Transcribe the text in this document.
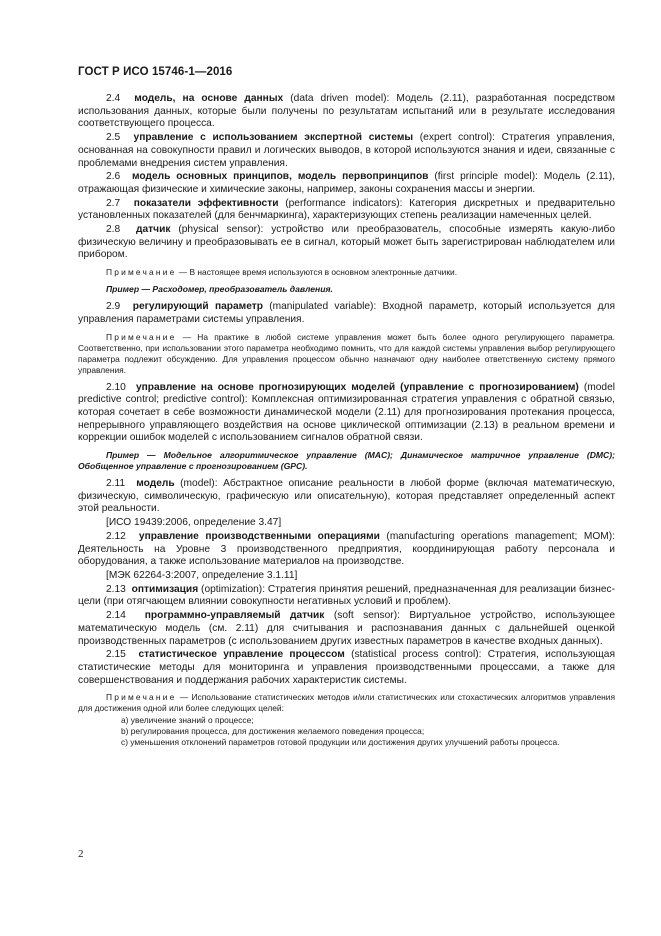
ГОСТ Р ИСО 15746-1—2016

2.4 модель, на основе данных (data driven model): Модель (2.11), разработанная посредством использования данных, которые были получены по результатам испытаний или в результате исследования соответствующего процесса.

2.5 управление с использованием экспертной системы (expert control): Стратегия управления, основанная на совокупности правил и логических выводов, в которой используются знания и идеи, связанные с проблемами внедрения систем управления.

2.6 модель основных принципов, модель первопринципов (first principle model): Модель (2.11), отражающая физические и химические законы, например, законы сохранения массы и энергии.

2.7 показатели эффективности (performance indicators): Категория дискретных и предварительно установленных показателей (для бенчмаркинга), характеризующих степень реализации намеченных целей.

2.8 датчик (physical sensor): устройство или преобразователь, способные измерять какую-либо физическую величину и преобразовывать ее в сигнал, который может быть зарегистрирован наблюдателем или прибором.

Примечание — В настоящее время используются в основном электронные датчики.

Пример — Расходомер, преобразователь давления.

2.9 регулирующий параметр (manipulated variable): Входной параметр, который используется для управления параметрами системы управления.

Примечание — На практике в любой системе управления может быть более одного регулирующего параметра. Соответственно, при использовании этого параметра необходимо помнить, что для каждой системы управления выбор регулирующего параметра подлежит обсуждению. Для управления процессом обычно назначают одну наиболее ответственную систему прямого управления.

2.10 управление на основе прогнозирующих моделей (управление с прогнозированием) (model predictive control; predictive control): Комплексная оптимизированная стратегия управления с обратной связью, которая сочетает в себе возможности динамической модели (2.11) для прогнозирования протекания процесса, непрерывного управляющего воздействия на основе циклической оптимизации (2.13) в реальном времени и коррекции ошибок моделей с использованием сигналов обратной связи.

Пример — Модельное алгоритмическое управление (MAC); Динамическое матричное управление (DMC); Обобщенное управление с прогнозированием (GPC).

2.11 модель (model): Абстрактное описание реальности в любой форме (включая математическую, физическую, символическую, графическую или описательную), которая представляет определенный аспект этой реальности.

[ИСО 19439:2006, определение 3.47]

2.12 управление производственными операциями (manufacturing operations management; MOM): Деятельность на Уровне 3 производственного предприятия, координирующая работу персонала и оборудования, а также использование материалов на производстве.

[МЭК 62264-3:2007, определение 3.1.11]

2.13 оптимизация (optimization): Стратегия принятия решений, предназначенная для реализации бизнес-цели (при отягчающем влиянии совокупности негативных условий и проблем).

2.14 программно-управляемый датчик (soft sensor): Виртуальное устройство, использующее математическую модель (см. 2.11) для считывания и распознавания данных с дальнейшей оценкой производственных параметров (с использованием других известных параметров в качестве входных данных).

2.15 статистическое управление процессом (statistical process control): Стратегия, использующая статистические методы для мониторинга и управления производственными процессами, а также для совершенствования и поддержания рабочих характеристик системы.

Примечание — Использование статистических методов и/или статистических или стохастических алгоритмов управления для достижения одной или более следующих целей:

a) увеличение знаний о процессе;

b) регулирования процесса, для достижения желаемого поведения процесса;

c) уменьшения отклонений параметров готовой продукции или достижения других улучшений работы процесса.

2
